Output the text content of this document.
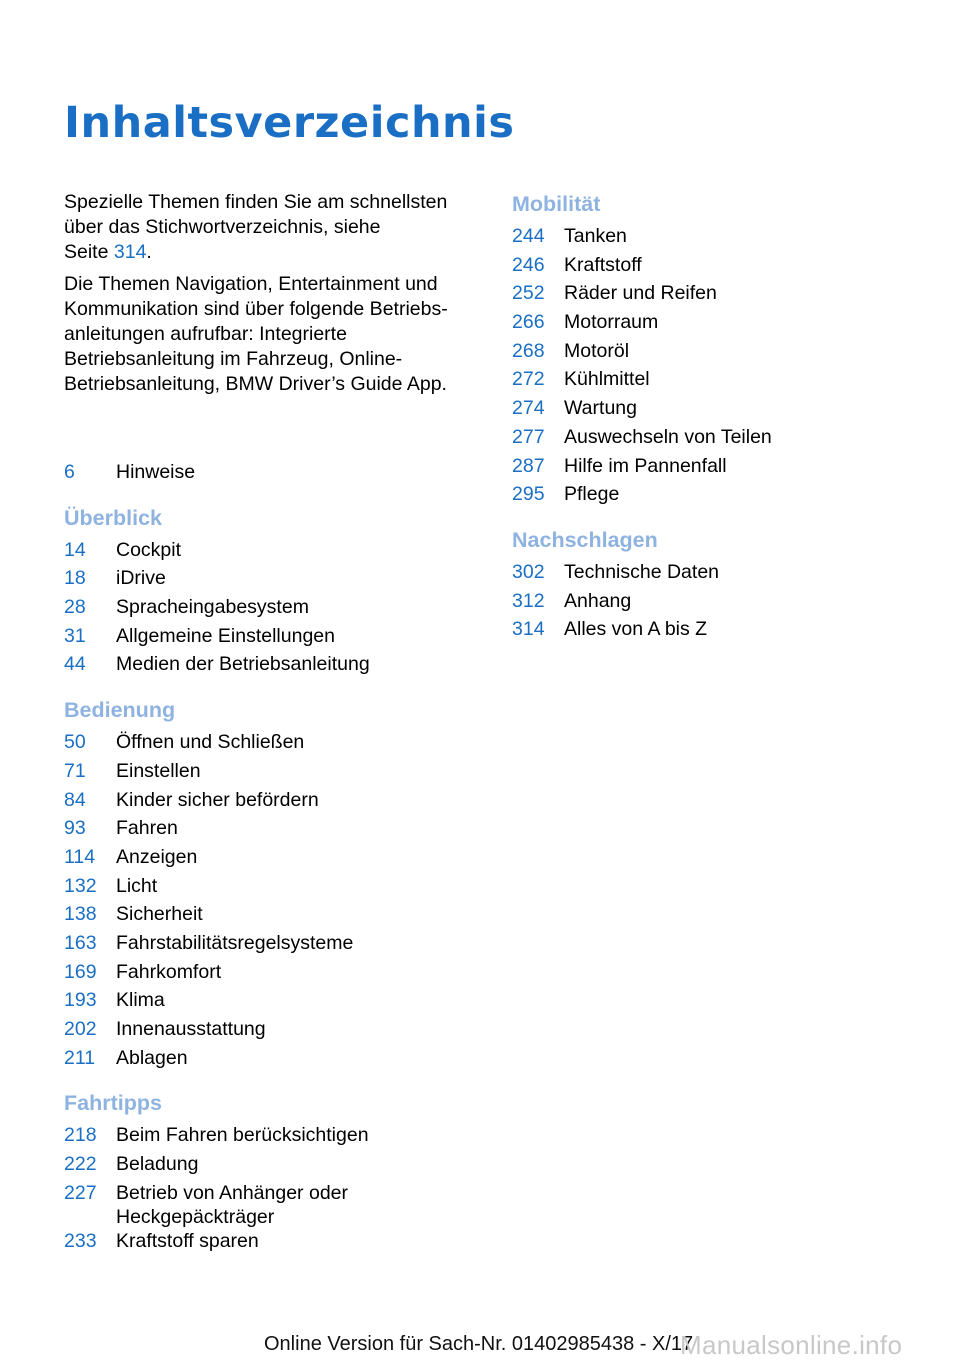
Inhaltsverzeichnis

Spezielle Themen finden Sie am schnellsten
über das Stichwortverzeichnis, siehe
Seite 314.

Die Themen Navigation, Entertainment und
Kommunikation sind über folgende Betriebs-
anleitungen aufrufbar: Integrierte
Betriebsanleitung im Fahrzeug, Online-
Betriebsanleitung, BMW Driver’s Guide App.

6	Hinweise
Überblick
14	Cockpit
18	iDrive
28	Spracheingabesystem
31	Allgemeine Einstellungen
44	Medien der Betriebsanleitung
Bedienung
50	Öffnen und Schließen
71	Einstellen
84	Kinder sicher befördern
93	Fahren
114	Anzeigen
132 Licht
138 Sicherheit
163 Fahrstabilitätsregelsysteme
169 Fahrkomfort
193 Klima
202 Innenausstattung
211	Ablagen
Fahrtipps
218 Beim Fahren berücksichtigen
222 Beladung
227 Betrieb von Anhänger oder Heckgepäckträger
233 Kraftstoff sparen
Mobilität
244 Tanken
246 Kraftstoff
252 Räder und Reifen
266 Motorraum
268 Motoröl
272 Kühlmittel
274 Wartung
277 Auswechseln von Teilen
287 Hilfe im Pannenfall
295 Pflege
Nachschlagen
302 Technische Daten
312 Anhang
314 Alles von A bis Z
Online Version für Sach-Nr. 01402985438 - X/17
Manualsonline.info
